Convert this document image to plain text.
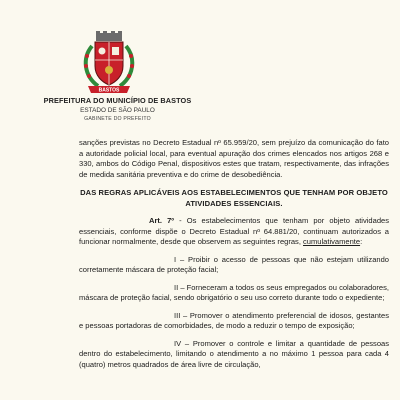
BASTOS
PREFEITURA DO MUNICÍPIO DE BASTOS
ESTADO DE SÃO PAULO
GABINETE DO PREFEITO

sanções previstas no Decreto Estadual nº 65.959/20, sem prejuízo da comunicação do fato a autoridade policial local, para eventual apuração dos crimes elencados nos artigos 268 e 330, ambos do Código Penal, dispositivos estes que tratam, respectivamente, das infrações de medida sanitária preventiva e do crime de desobediência.

DAS REGRAS APLICÁVEIS AOS ESTABELECIMENTOS QUE TENHAM POR OBJETO ATIVIDADES ESSENCIAIS.

Art. 7º - Os estabelecimentos que tenham por objeto atividades essenciais, conforme dispõe o Decreto Estadual nº 64.881/20, continuam autorizados a funcionar normalmente, desde que observem as seguintes regras, cumulativamente:

I – Proibir o acesso de pessoas que não estejam utilizando corretamente máscara de proteção facial;

II – Forneceram a todos os seus empregados ou colaboradores, máscara de proteção facial, sendo obrigatório o seu uso correto durante todo o expediente;

III – Promover o atendimento preferencial de idosos, gestantes e pessoas portadoras de comorbidades, de modo a reduzir o tempo de exposição;

IV – Promover o controle e limitar a quantidade de pessoas dentro do estabelecimento, limitando o atendimento a no máximo 1 pessoa para cada 4 (quatro) metros quadrados de área livre de circulação,
